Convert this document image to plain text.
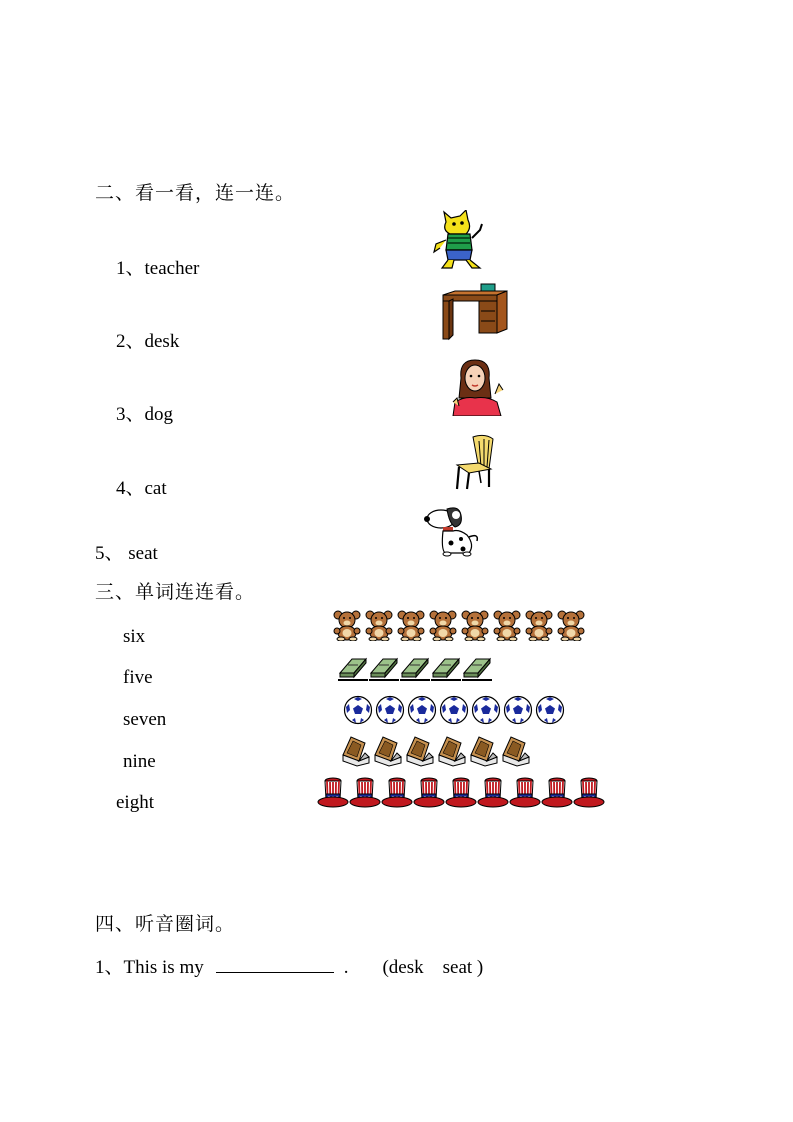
二、看一看，连一连。
1、teacher
2、desk
3、dog
4、cat
5、 seat
三、单词连连看。
six
five
seven
nine
eight
四、听音圈词。
1、This is my	. (desk    seat )
